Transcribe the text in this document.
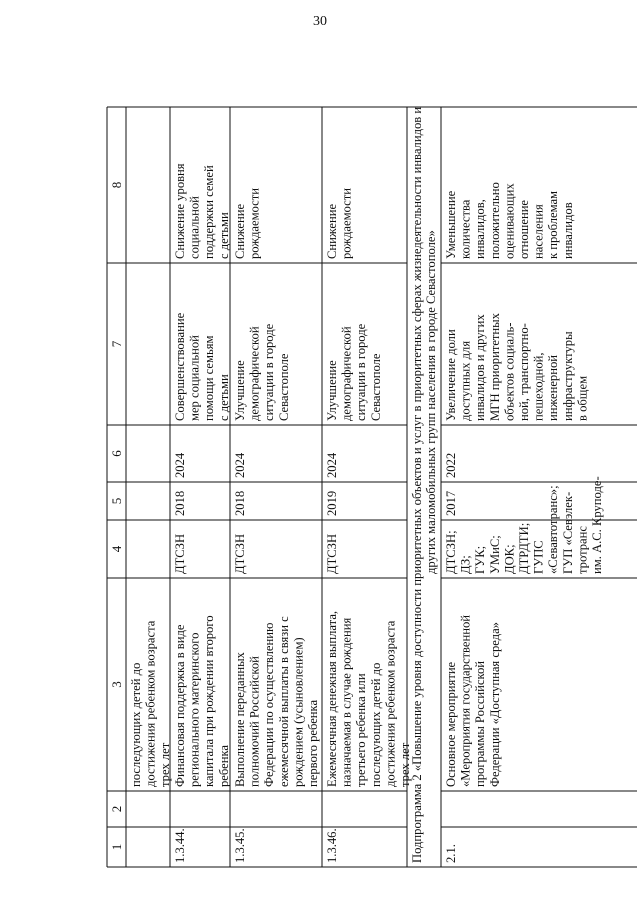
30
1
2
3
4
5
6
7
8
последующих детей до достижения ребенком возраста трех лет
1.3.44.
Финансовая поддержка в виде регионального материнского капитала при рождении второго ребенка
ДТСЗН
2018
2024
Совершенствование мер социальной помощи семьям с детьми
Снижение уровня социальной поддержки семей с детьми
1.3.45.
Выполнение переданных полномочий Российской Федерации по осуществлению ежемесячной выплаты в связи с рождением (усыновлением) первого ребенка
ДТСЗН
2018
2024
Улучшение демографической ситуации в городе Севастополе
Снижение рождаемости
1.3.46.
Ежемесячная денежная выплата, назначаемая в случае рождения третьего ребенка или последующих детей до достижения ребенком возраста трех лет
ДТСЗН
2019
2024
Улучшение демографической ситуации в городе Севастополе
Снижение рождаемости	Подпрограмма 2 «Повышение уровня доступности приоритетных объектов и услуг в приоритетных сферах жизнедеятельности инвалидов и других маломобильных групп населения в городе Севастополе»
2.1.
Основное мероприятие «Мероприятия государственной программы Российской Федерации «Доступная среда»
ДТСЗН; ДЗ; ГУК; УМиС; ДОК; ДТРДТИ; ГУПС «Севавтотранс»; ГУП «Севэлек- тротранс им. А.С. Круподе-
2017
2022
Увеличение доли доступных для инвалидов и других МГН приоритетных объектов социаль- ной, транспортно- пешеходной, инженерной инфраструктуры в общем
Уменьшение количества инвалидов, положительно оценивающих отношение населения к проблемам инвалидов
